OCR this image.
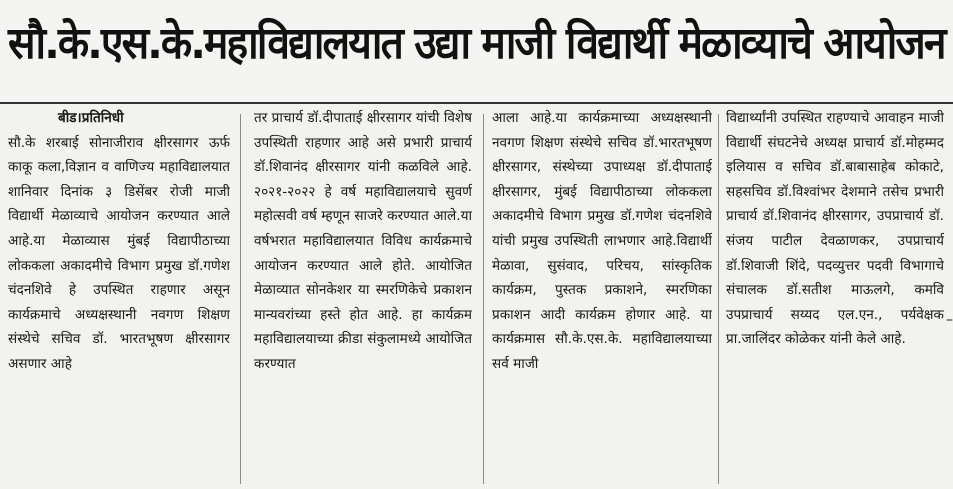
सौ.के.एस.के.महाविद्यालयात उद्या माजी विद्यार्थी मेळाव्याचे आयोजन

बीड।प्रतिनिधी

सौ.के शरबाई सोनाजीराव क्षीरसागर ऊर्फ काकू कला,विज्ञान व वाणिज्य महाविद्यालयात शानिवार दिनांक ३ डिसेंबर रोजी माजी विद्यार्थी मेळाव्याचे आयोजन करण्यात आले आहे.या मेळाव्यास मुंबई विद्यापीठाच्या लोककला अकादमीचे विभाग प्रमुख डॉ.गणेश चंदनशिवे हे उपस्थित राहणार असून कार्यक्रमाचे अध्यक्षस्थानी नवगण शिक्षण संस्थेचे सचिव डॉ. भारतभूषण क्षीरसागर असणार आहे

तर प्राचार्य डॉ.दीपाताई क्षीरसागर यांची विशेष उपस्थिती राहणार आहे असे प्रभारी प्राचार्य डॉ.शिवानंद क्षीरसागर यांनी कळविले आहे. २०२१-२०२२ हे वर्ष महाविद्यालयाचे सुवर्ण महोत्सवी वर्ष म्हणून साजरे करण्यात आले.या वर्षभरात महाविद्यालयात विविध कार्यक्रमाचे आयोजन करण्यात आले होते. आयोजित मेळाव्यात सोनकेशर या स्मरणिकेचे प्रकाशन मान्यवरांच्या हस्ते होत आहे. हा कार्यक्रम महाविद्यालयाच्या क्रीडा संकुलामध्ये आयोजित करण्यात

आला आहे.या कार्यक्रमाच्या अध्यक्षस्थानी नवगण शिक्षण संस्थेचे सचिव डॉ.भारतभूषण क्षीरसागर, संस्थेच्या उपाध्यक्ष डॉ.दीपाताई क्षीरसागर, मुंबई विद्यापीठाच्या लोककला अकादमीचे विभाग प्रमुख डॉ.गणेश चंदनशिवे यांची प्रमुख उपस्थिती लाभणार आहे.विद्यार्थी मेळावा, सुसंवाद, परिचय, सांस्कृतिक कार्यक्रम, पुस्तक प्रकाशने, स्मरणिका प्रकाशन आदी कार्यक्रम होणार आहे. या कार्यक्रमास सौ.के.एस.के. महाविद्यालयाच्या सर्व माजी

विद्यार्थ्यांनी उपस्थित राहण्याचे आवाहन माजी विद्यार्थी संघटनेचे अध्यक्ष प्राचार्य डॉ.मोहम्मद इलियास व सचिव डॉ.बाबासाहेब कोकाटे, सहसचिव डॉ.विश्वांभर देशमाने तसेच प्रभारी प्राचार्य डॉ.शिवानंद क्षीरसागर, उपप्राचार्य डॉ. संजय पाटील देवळाणकर, उपप्राचार्य डॉ.शिवाजी शिंदे, पदव्युत्तर पदवी विभागाचे संचालक डॉ.सतीश माऊलगे, कमवि उपप्राचार्य सय्यद एल.एन., पर्यवेक्षक प्रा.जालिंदर कोळेकर यांनी केले आहे.

–
